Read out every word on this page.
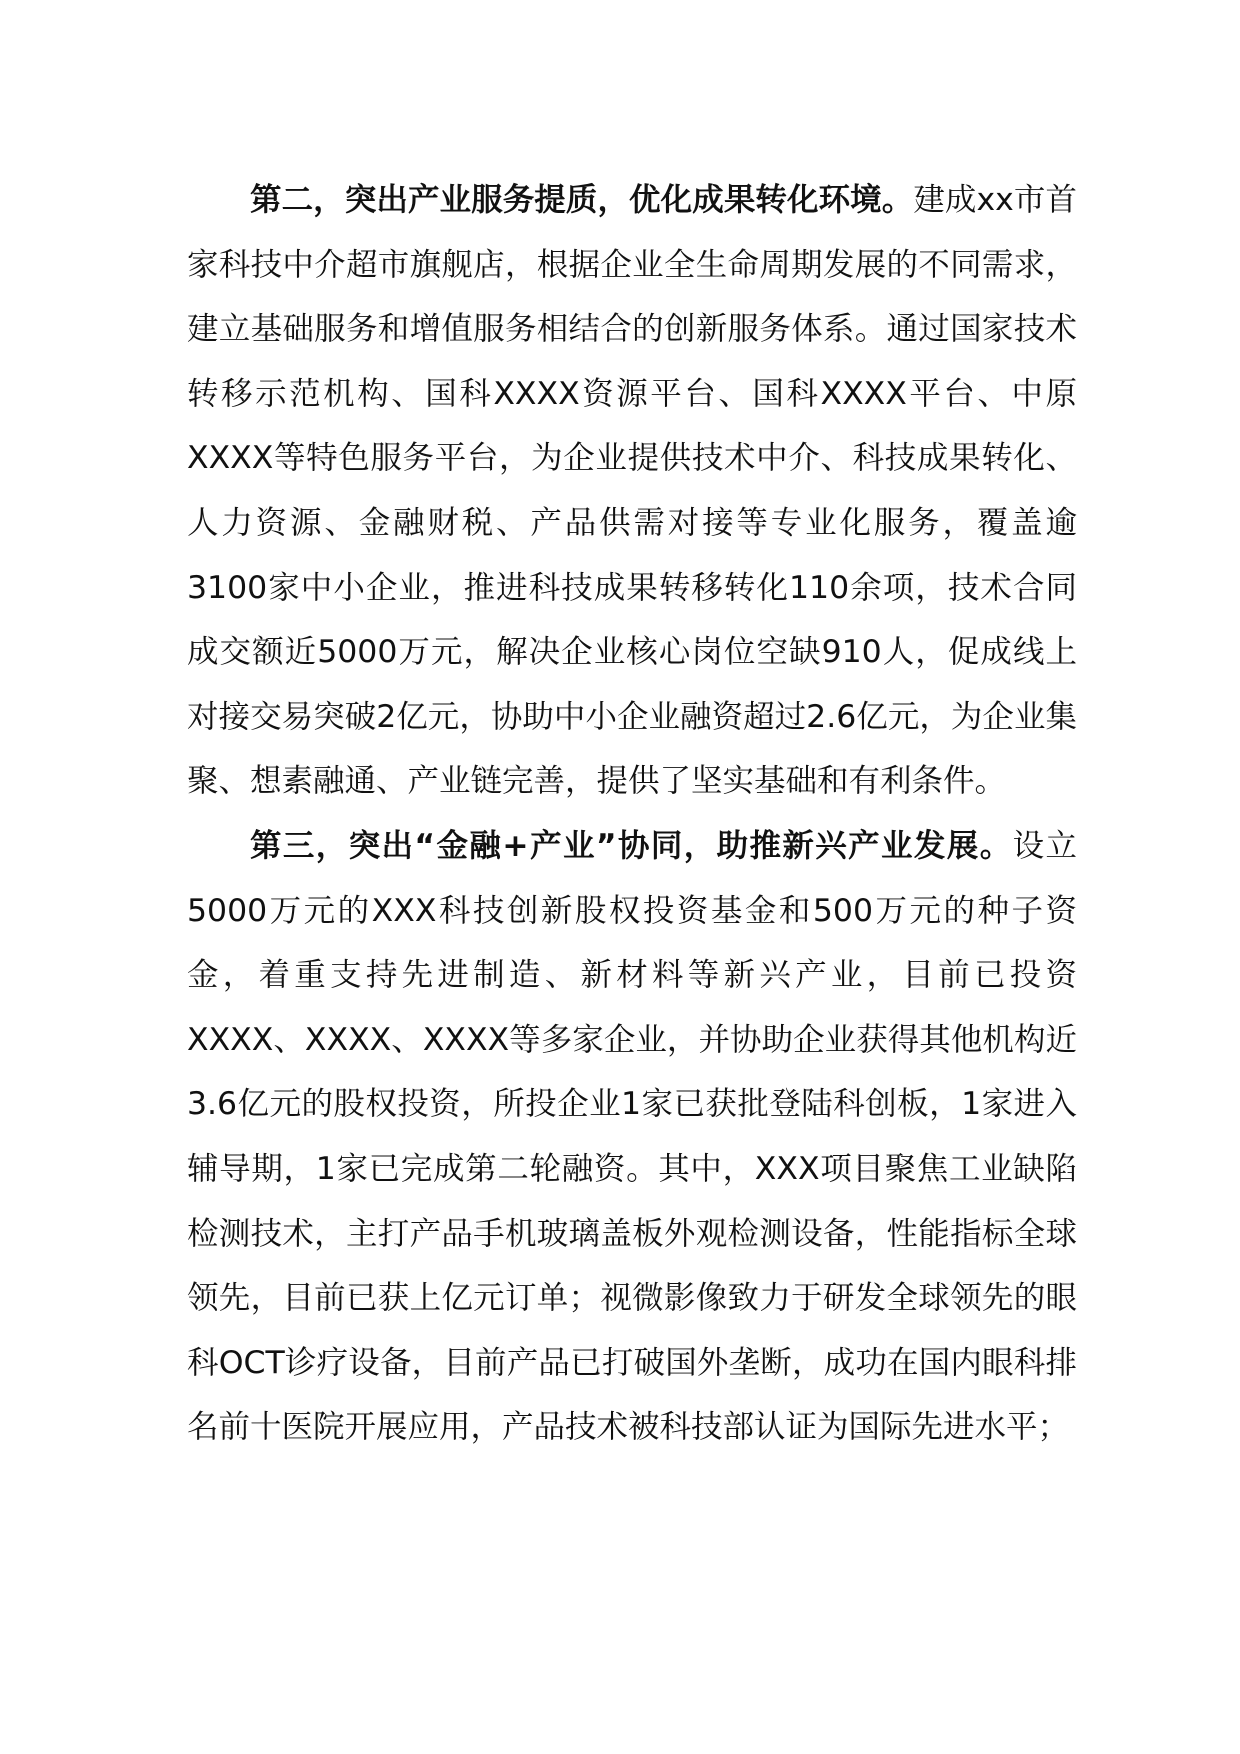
第二，突出产业服务提质，优化成果转化环境。建成xx市首家科技中介超市旗舰店，根据企业全生命周期发展的不同需求，建立基础服务和增值服务相结合的创新服务体系。通过国家技术转移示范机构、国科XXXX资源平台、国科XXXX平台、中原XXXX等特色服务平台，为企业提供技术中介、科技成果转化、人力资源、金融财税、产品供需对接等专业化服务，覆盖逾3100家中小企业，推进科技成果转移转化110余项，技术合同成交额近5000万元，解决企业核心岗位空缺910人，促成线上对接交易突破2亿元，协助中小企业融资超过2.6亿元，为企业集聚、想素融通、产业链完善，提供了坚实基础和有利条件。

第三，突出“金融+产业”协同，助推新兴产业发展。设立5000万元的XXX科技创新股权投资基金和500万元的种子资金，着重支持先进制造、新材料等新兴产业，目前已投资XXXX、XXXX、XXXX等多家企业，并协助企业获得其他机构近3.6亿元的股权投资，所投企业1家已获批登陆科创板，1家进入辅导期，1家已完成第二轮融资。其中，XXX项目聚焦工业缺陷检测技术，主打产品手机玻璃盖板外观检测设备，性能指标全球领先，目前已获上亿元订单；视微影像致力于研发全球领先的眼科OCT诊疗设备，目前产品已打破国外垄断，成功在国内眼科排名前十医院开展应用，产品技术被科技部认证为国际先进水平；
